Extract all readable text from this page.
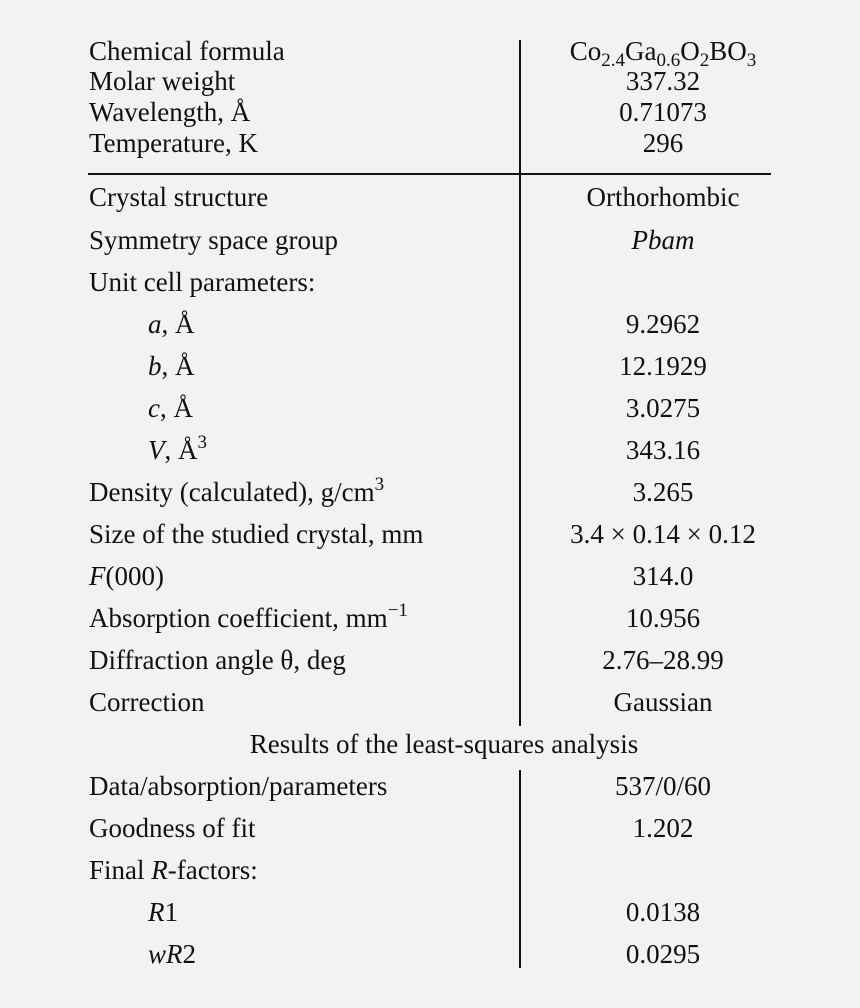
Chemical formula	$Co_{2.4}Ga_{0.6}O_2BO_3$
Molar weight	337.32
Wavelength, Å	0.71073
Temperature, K	296
Crystal structure	Orthorhombic
Symmetry space group	Pbam
Unit cell parameters:
a, Å	9.2962
b, Å	12.1929
c, Å	3.0275
V, $Å^3$	343.16
Density (calculated), $g/cm^3$	3.265
Size of the studied crystal, mm	3.4 × 0.14 × 0.12
F(000)	314.0
Absorption coefficient, $mm^{-1}$	10.956
Diffraction angle θ, deg	2.76–28.99
Correction	Gaussian
Results of the least-squares analysis
Data/absorption/parameters	537/0/60
Goodness of fit	1.202
Final R-factors:
R1	0.0138
wR2	0.0295
